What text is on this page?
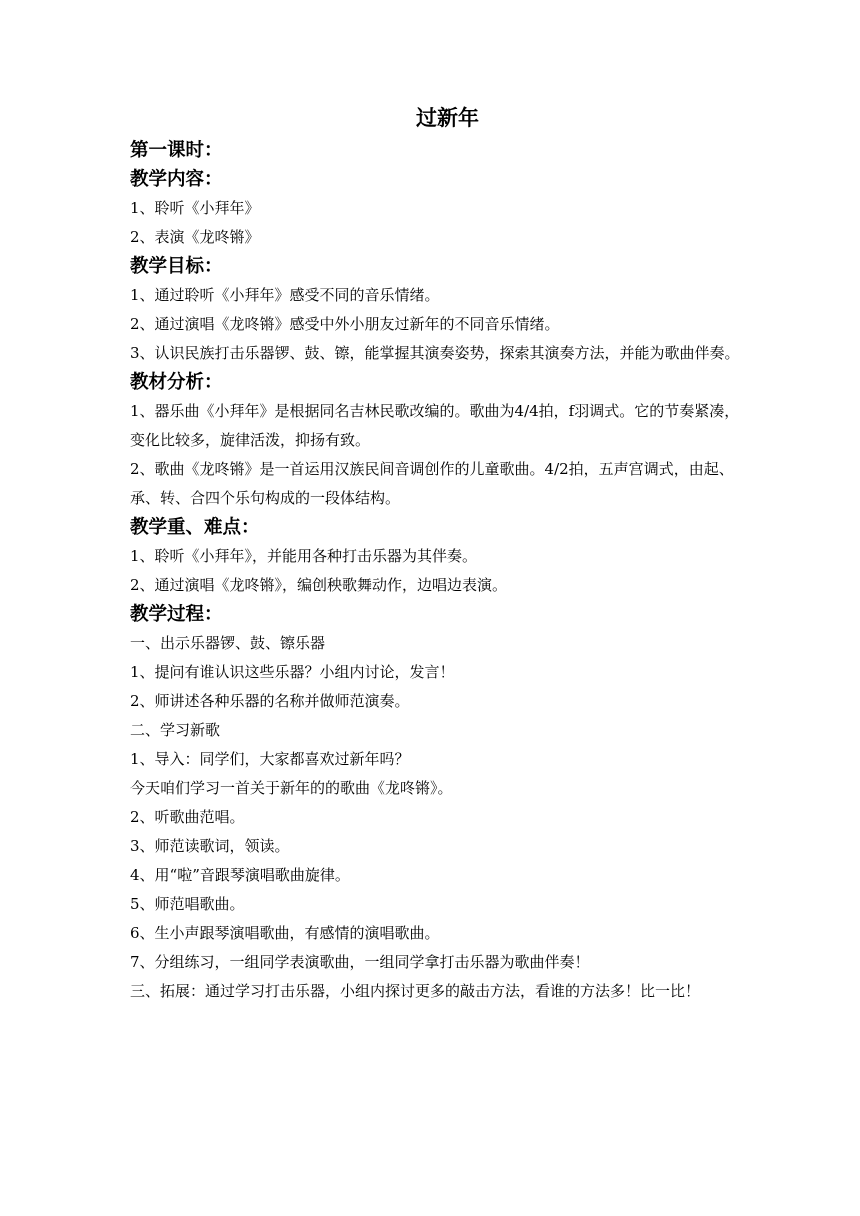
过新年
第一课时：
教学内容：
1、聆听《小拜年》
2、表演《龙咚锵》
教学目标：
1、通过聆听《小拜年》感受不同的音乐情绪。
2、通过演唱《龙咚锵》感受中外小朋友过新年的不同音乐情绪。
3、认识民族打击乐器锣、鼓、镲，能掌握其演奏姿势，探索其演奏方法，并能为歌曲伴奏。
教材分析：
1、器乐曲《小拜年》是根据同名吉林民歌改编的。歌曲为4/4拍，f羽调式。它的节奏紧凑，变化比较多，旋律活泼，抑扬有致。
2、歌曲《龙咚锵》是一首运用汉族民间音调创作的儿童歌曲。4/2拍，五声宫调式，由起、承、转、合四个乐句构成的一段体结构。
教学重、难点：
1、聆听《小拜年》，并能用各种打击乐器为其伴奏。
2、通过演唱《龙咚锵》，编创秧歌舞动作，边唱边表演。
教学过程：
一、出示乐器锣、鼓、镲乐器
1、提问有谁认识这些乐器？小组内讨论，发言！
2、师讲述各种乐器的名称并做师范演奏。
二、学习新歌
1、导入：同学们，大家都喜欢过新年吗？
今天咱们学习一首关于新年的的歌曲《龙咚锵》。
2、听歌曲范唱。
3、师范读歌词，领读。
4、用“啦”音跟琴演唱歌曲旋律。
5、师范唱歌曲。
6、生小声跟琴演唱歌曲，有感情的演唱歌曲。
7、分组练习，一组同学表演歌曲，一组同学拿打击乐器为歌曲伴奏！
三、拓展：通过学习打击乐器，小组内探讨更多的敲击方法，看谁的方法多！比一比！
